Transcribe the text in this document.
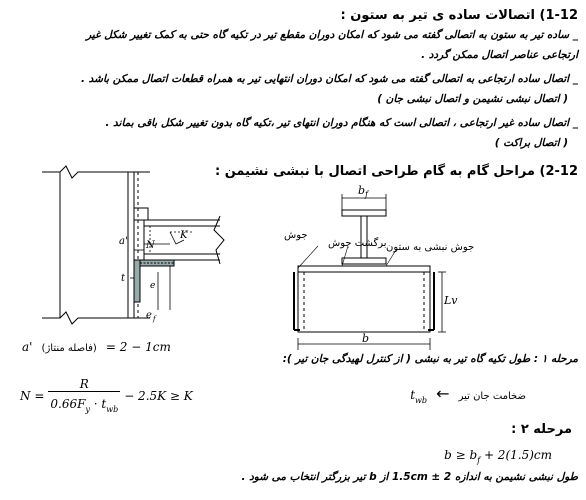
1-12) اتصالات ساده ی تیر به ستون :
_ ساده تیر به ستون به اتصالی گفته می شود که امکان دوران مقطع تیر در تکیه گاه حتی به کمک تغییر شکل غیر
ارتجاعی عناصر اتصال ممکن گردد .
_ اتصال ساده ارتجاعی به اتصالی گفته می شود که امکان دوران انتهایی تیر به همراه قطعات اتصال ممکن باشد .
( اتصال نبشی نشیمن و اتصال نبشی جان )
_ اتصال ساده غیر ارتجاعی ، اتصالی است که هنگام دوران انتهای تیر ،تکیه گاه بدون تغییر شکل باقی بماند .
( اتصال براکت )
2-12) مراحل گام به گام طراحی اتصال با نبشی نشیمن :
a' N
K
t
e
e f
b f
Lv
b
جوش
برگشت جوش جوش نبشی به ستون
a' (فاصله منتاژ) = 1 − 2cm
N =
R
$0.66F_y \cdot t_{wb}$
− 2.5K ≥ K
مرحله ۱ : طول تکیه گاه تیر به نبشی ( از کنترل لهیدگی جان تیر ):
$t_{wb}$ ← ضخامت جان تیر
مرحله ۲ :
$b \ge b_f + 2(1.5)cm$
طول نبشی نشیمن به اندازه 1.5cm ± 2 از b تیر بزرگتر انتخاب می شود .
